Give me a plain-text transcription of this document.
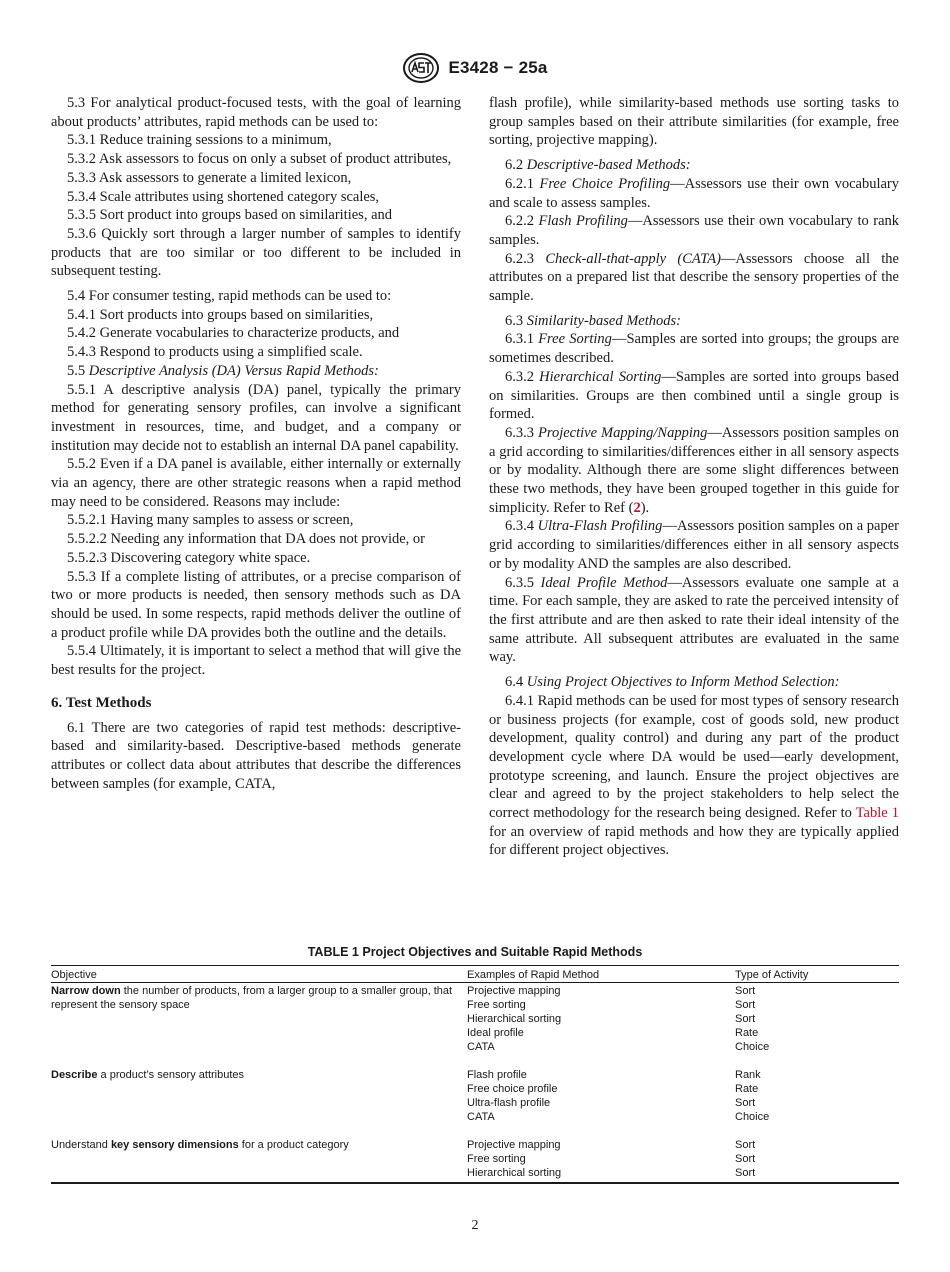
E3428 − 25a

5.3 For analytical product-focused tests, with the goal of learning about products’ attributes, rapid methods can be used to:

5.3.1 Reduce training sessions to a minimum,

5.3.2 Ask assessors to focus on only a subset of product attributes,

5.3.3 Ask assessors to generate a limited lexicon,

5.3.4 Scale attributes using shortened category scales,

5.3.5 Sort product into groups based on similarities, and

5.3.6 Quickly sort through a larger number of samples to identify products that are too similar or too different to be included in subsequent testing.

5.4 For consumer testing, rapid methods can be used to:

5.4.1 Sort products into groups based on similarities,

5.4.2 Generate vocabularies to characterize products, and

5.4.3 Respond to products using a simplified scale.

5.5 Descriptive Analysis (DA) Versus Rapid Methods:

5.5.1 A descriptive analysis (DA) panel, typically the primary method for generating sensory profiles, can involve a significant investment in resources, time, and budget, and a company or institution may decide not to establish an internal DA panel capability.

5.5.2 Even if a DA panel is available, either internally or externally via an agency, there are other strategic reasons when a rapid method may need to be considered. Reasons may include:

5.5.2.1 Having many samples to assess or screen,

5.5.2.2 Needing any information that DA does not provide, or

5.5.2.3 Discovering category white space.

5.5.3 If a complete listing of attributes, or a precise comparison of two or more products is needed, then sensory methods such as DA should be used. In some respects, rapid methods deliver the outline of a product profile while DA provides both the outline and the details.

5.5.4 Ultimately, it is important to select a method that will give the best results for the project.

6. Test Methods

6.1 There are two categories of rapid test methods: descriptive-based and similarity-based. Descriptive-based methods generate attributes or collect data about attributes that describe the differences between samples (for example, CATA,

flash profile), while similarity-based methods use sorting tasks to group samples based on their attribute similarities (for example, free sorting, projective mapping).

6.2 Descriptive-based Methods:

6.2.1 Free Choice Profiling—Assessors use their own vocabulary and scale to assess samples.

6.2.2 Flash Profiling—Assessors use their own vocabulary to rank samples.

6.2.3 Check-all-that-apply (CATA)—Assessors choose all the attributes on a prepared list that describe the sensory properties of the sample.

6.3 Similarity-based Methods:

6.3.1 Free Sorting—Samples are sorted into groups; the groups are sometimes described.

6.3.2 Hierarchical Sorting—Samples are sorted into groups based on similarities. Groups are then combined until a single group is formed.

6.3.3 Projective Mapping/Napping—Assessors position samples on a grid according to similarities/differences either in all sensory aspects or by modality. Although there are some slight differences between these two methods, they have been grouped together in this guide for simplicity. Refer to Ref (2).

6.3.4 Ultra-Flash Profiling—Assessors position samples on a paper grid according to similarities/differences either in all sensory aspects or by modality AND the samples are also described.

6.3.5 Ideal Profile Method—Assessors evaluate one sample at a time. For each sample, they are asked to rate the perceived intensity of the first attribute and are then asked to rate their ideal intensity of the same attribute. All subsequent attributes are evaluated in the same way.

6.4 Using Project Objectives to Inform Method Selection:

6.4.1 Rapid methods can be used for most types of sensory research or business projects (for example, cost of goods sold, new product development, quality control) and during any part of the product development cycle where DA would be used—early development, prototype screening, and launch. Ensure the project objectives are clear and agreed to by the project stakeholders to help select the correct methodology for the research being designed. Refer to Table 1 for an overview of rapid methods and how they are typically applied for different project objectives.

TABLE 1 Project Objectives and Suitable Rapid Methods
Objective	Examples of Rapid Method	Type of Activity
Narrow down the number of products, from a larger group to a smaller group, that represent the sensory space	Projective mapping	Sort
	Free sorting	Sort
	Hierarchical sorting	Sort
	Ideal profile	Rate
	CATA	Choice
Describe a product’s sensory attributes	Flash profile	Rank
	Free choice profile	Rate
	Ultra-flash profile	Sort
	CATA	Choice
Understand key sensory dimensions for a product category	Projective mapping	Sort
	Free sorting	Sort
	Hierarchical sorting	Sort
2
